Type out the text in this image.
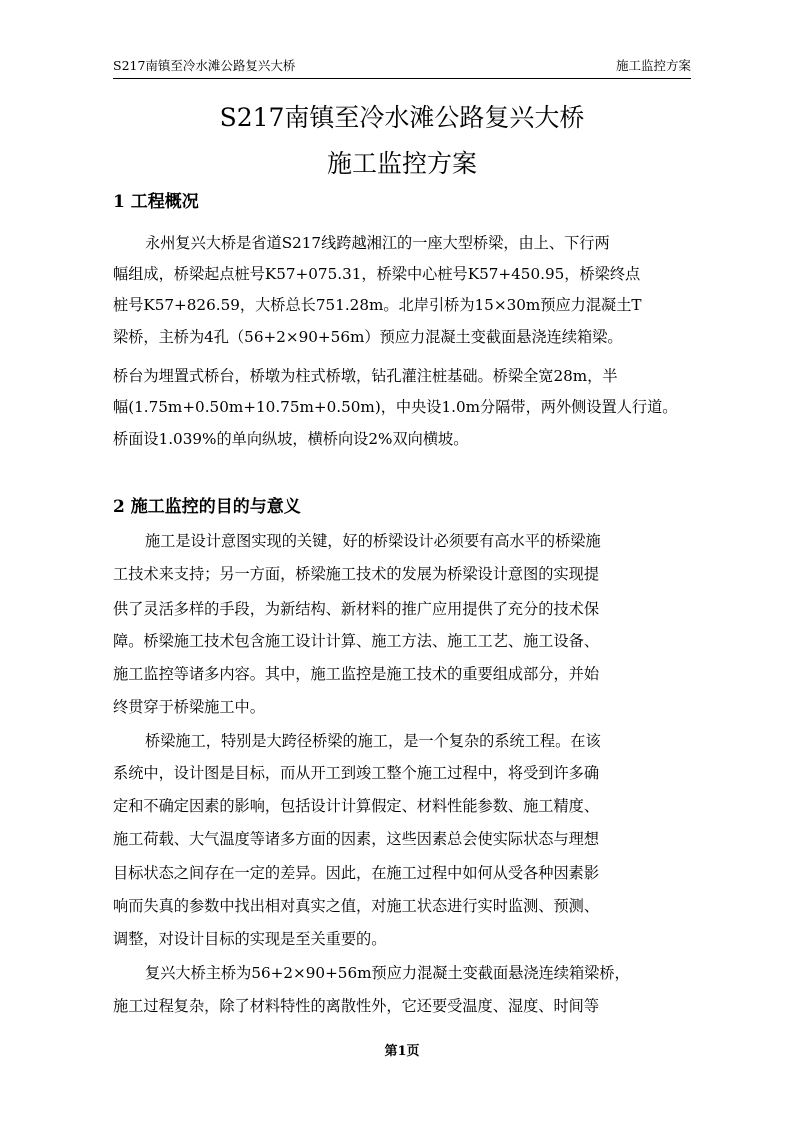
S217南镇至冷水滩公路复兴大桥	施工监控方案
S217南镇至冷水滩公路复兴大桥
施工监控方案
1 工程概况
永州复兴大桥是省道S217线跨越湘江的一座大型桥梁，由上、下行两
幅组成，桥梁起点桩号K57+075.31，桥梁中心桩号K57+450.95，桥梁终点
桩号K57+826.59，大桥总长751.28m。北岸引桥为15×30m预应力混凝土T
梁桥，主桥为4孔（56+2×90+56m）预应力混凝土变截面悬浇连续箱梁。
桥台为埋置式桥台，桥墩为柱式桥墩，钻孔灌注桩基础。桥梁全宽28m，半
幅(1.75m+0.50m+10.75m+0.50m)，中央设1.0m分隔带，两外侧设置人行道。
桥面设1.039%的单向纵坡，横桥向设2%双向横坡。
2 施工监控的目的与意义
施工是设计意图实现的关键，好的桥梁设计必须要有高水平的桥梁施
工技术来支持；另一方面，桥梁施工技术的发展为桥梁设计意图的实现提
供了灵活多样的手段，为新结构、新材料的推广应用提供了充分的技术保
障。桥梁施工技术包含施工设计计算、施工方法、施工工艺、施工设备、
施工监控等诸多内容。其中，施工监控是施工技术的重要组成部分，并始
终贯穿于桥梁施工中。
桥梁施工，特别是大跨径桥梁的施工，是一个复杂的系统工程。在该
系统中，设计图是目标，而从开工到竣工整个施工过程中，将受到许多确
定和不确定因素的影响，包括设计计算假定、材料性能参数、施工精度、
施工荷载、大气温度等诸多方面的因素，这些因素总会使实际状态与理想
目标状态之间存在一定的差异。因此，在施工过程中如何从受各种因素影
响而失真的参数中找出相对真实之值，对施工状态进行实时监测、预测、
调整，对设计目标的实现是至关重要的。
复兴大桥主桥为56+2×90+56m预应力混凝土变截面悬浇连续箱梁桥，
施工过程复杂，除了材料特性的离散性外，它还要受温度、湿度、时间等
第1页
